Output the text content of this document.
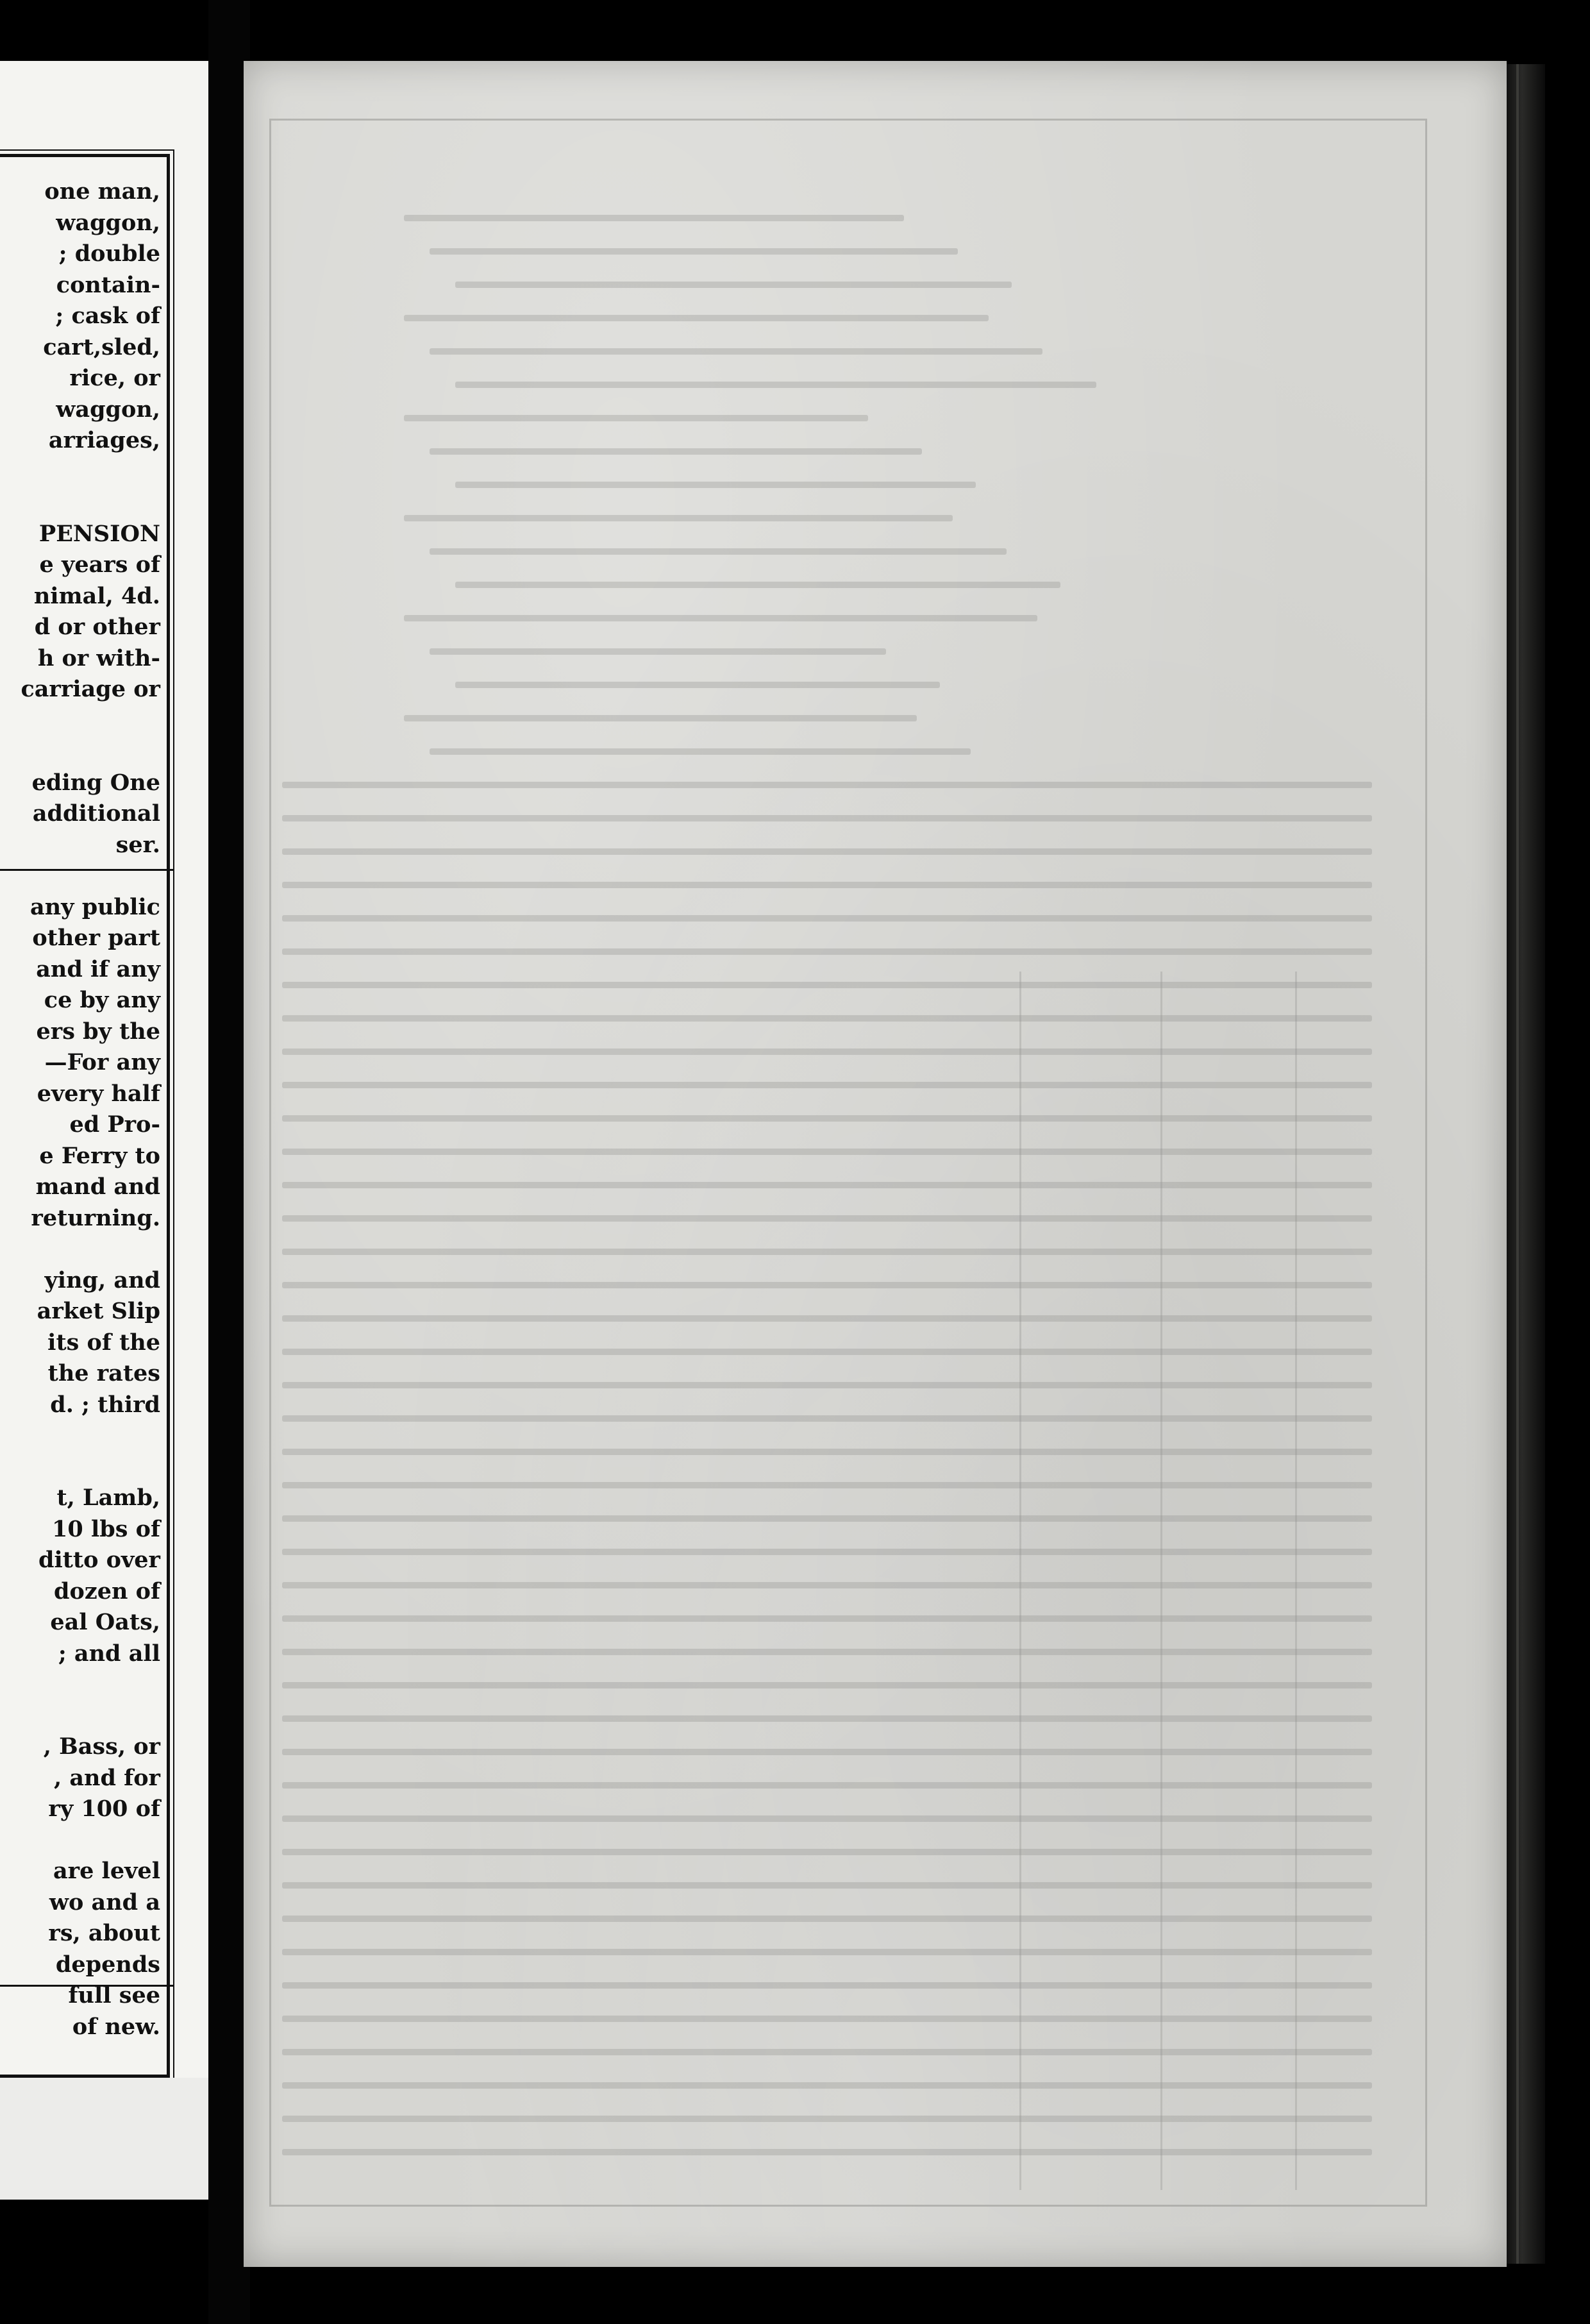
one man,
waggon,
; double
contain-
; cask of
cart,sled,
rice, or
waggon,
arriages,
PENSION
e years of
nimal, 4d.
d or other
h or with-
carriage or
eding One
additional
ser.
any public
other part
and if any
ce by any
ers by the
—For any
every half
ed Pro-
e Ferry to
mand and
returning.
ying, and
arket Slip
its of the
the rates
d. ; third
t, Lamb,
10 lbs of
ditto over
dozen of
eal Oats,
; and all
, Bass, or
, and for
ry 100 of
are level
wo and a
rs, about
depends
full see
of new.
